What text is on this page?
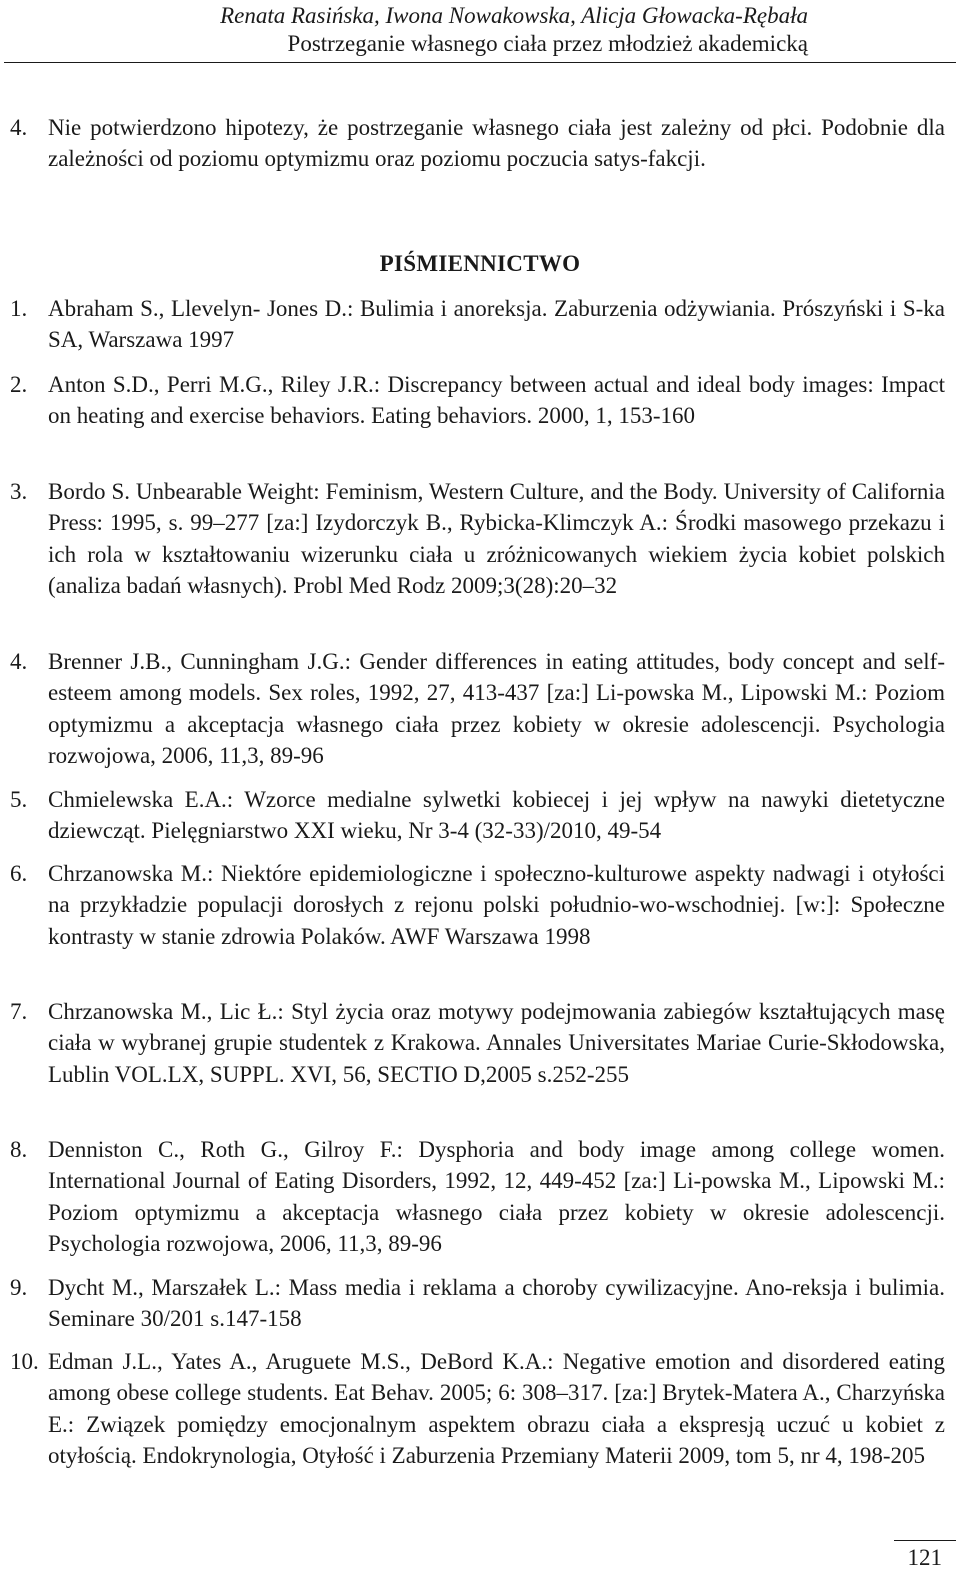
Renata Rasińska, Iwona Nowakowska, Alicja Głowacka-Rębała
Postrzeganie własnego ciała przez młodzież akademicką
4. Nie potwierdzono hipotezy, że postrzeganie własnego ciała jest zależny od płci. Podobnie dla zależności od poziomu optymizmu oraz poziomu poczucia satys-fakcji.
PIŚMIENNICTWO
1. Abraham S., Llevelyn- Jones D.: Bulimia i anoreksja. Zaburzenia odżywiania. Prószyński i S-ka SA, Warszawa 1997
2. Anton S.D., Perri M.G., Riley J.R.: Discrepancy between actual and ideal body images: Impact on heating and exercise behaviors. Eating behaviors. 2000, 1, 153-160
3. Bordo S. Unbearable Weight: Feminism, Western Culture, and the Body. University of California Press: 1995, s. 99–277 [za:] Izydorczyk B., Rybicka-Klimczyk A.: Środki masowego przekazu i ich rola w kształtowaniu wizerunku ciała u zróżnicowanych wiekiem życia kobiet polskich (analiza badań własnych). Probl Med Rodz 2009;3(28):20–32
4. Brenner J.B., Cunningham J.G.: Gender differences in eating attitudes, body concept and self-esteem among models. Sex roles, 1992, 27, 413-437 [za:] Li-powska M., Lipowski M.: Poziom optymizmu a akceptacja własnego ciała przez kobiety w okresie adolescencji. Psychologia rozwojowa, 2006, 11,3, 89-96
5. Chmielewska E.A.: Wzorce medialne sylwetki kobiecej i jej wpływ na nawyki dietetyczne dziewcząt. Pielęgniarstwo XXI wieku, Nr 3-4 (32-33)/2010, 49-54
6. Chrzanowska M.: Niektóre epidemiologiczne i społeczno-kulturowe aspekty nadwagi i otyłości na przykładzie populacji dorosłych z rejonu polski południo-wo-wschodniej. [w:]: Społeczne kontrasty w stanie zdrowia Polaków. AWF Warszawa 1998
7. Chrzanowska M., Lic Ł.: Styl życia oraz motywy podejmowania zabiegów kształtujących masę ciała w wybranej grupie studentek z Krakowa. Annales Universitates Mariae Curie-Skłodowska, Lublin VOL.LX, SUPPL. XVI, 56, SECTIO D,2005 s.252-255
8. Denniston C., Roth G., Gilroy F.: Dysphoria and body image among college women. International Journal of Eating Disorders, 1992, 12, 449-452 [za:] Li-powska M., Lipowski M.: Poziom optymizmu a akceptacja własnego ciała przez kobiety w okresie adolescencji. Psychologia rozwojowa, 2006, 11,3, 89-96
9. Dycht M., Marszałek L.: Mass media i reklama a choroby cywilizacyjne. Ano-reksja i bulimia. Seminare 30/201 s.147-158
10. Edman J.L., Yates A., Aruguete M.S., DeBord K.A.: Negative emotion and disordered eating among obese college students. Eat Behav. 2005; 6: 308–317. [za:] Brytek-Matera A., Charzyńska E.: Związek pomiędzy emocjonalnym aspektem obrazu ciała a ekspresją uczuć u kobiet z otyłością. Endokrynologia, Otyłość i Zaburzenia Przemiany Materii 2009, tom 5, nr 4, 198-205
121
